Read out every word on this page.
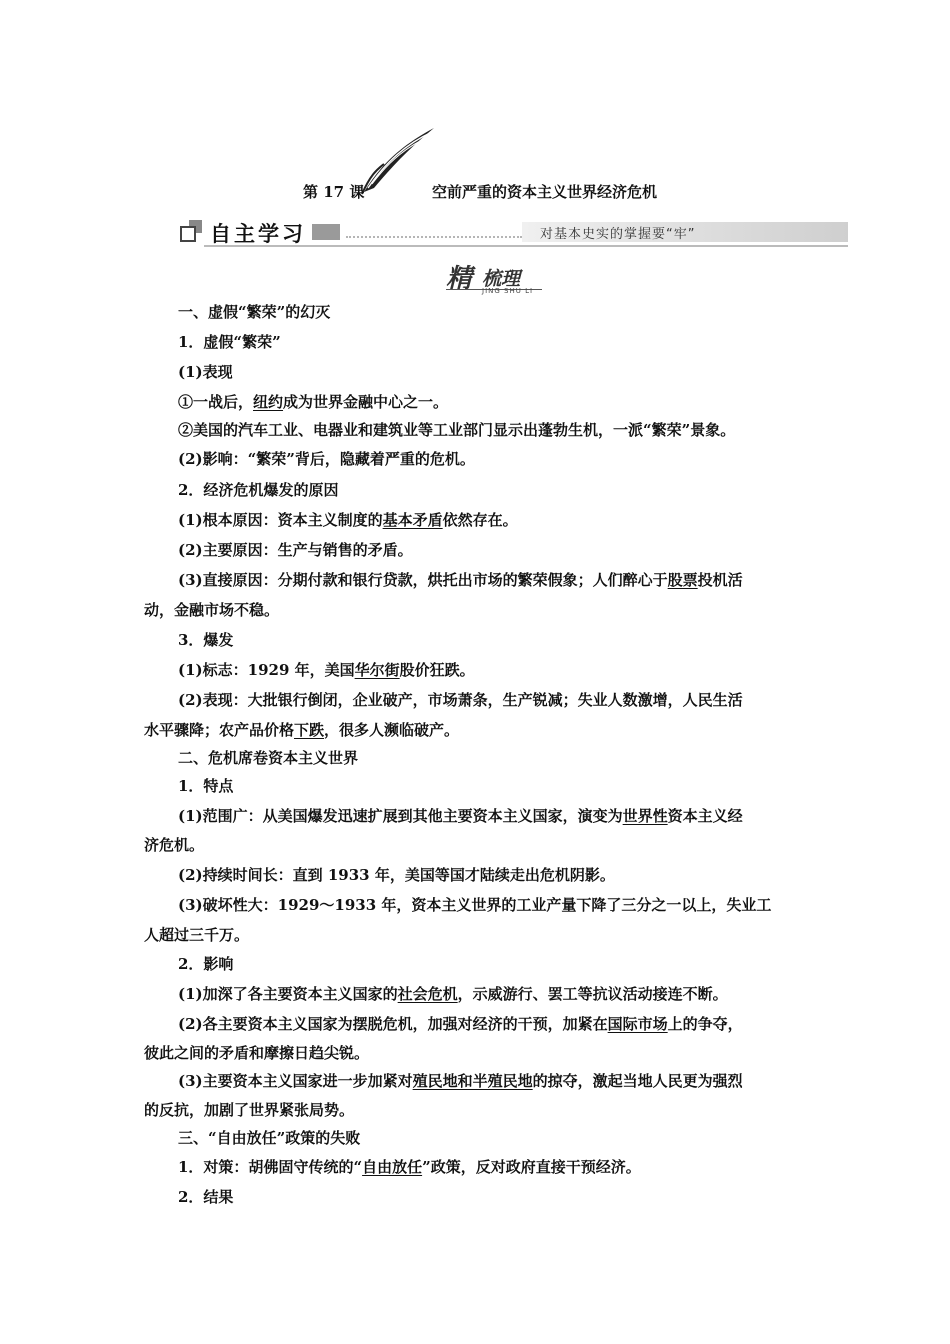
第 17 课	空前严重的资本主义世界经济危机
自主学习	对基本史实的掌握要“牢”
精 梳理
JING SHU LI
一、虚假“繁荣”的幻灭
1．虚假“繁荣”
(1)表现
①一战后，纽约成为世界金融中心之一。
②美国的汽车工业、电器业和建筑业等工业部门显示出蓬勃生机，一派“繁荣”景象。
(2)影响：“繁荣”背后，隐藏着严重的危机。
2．经济危机爆发的原因
(1)根本原因：资本主义制度的基本矛盾依然存在。
(2)主要原因：生产与销售的矛盾。
(3)直接原因：分期付款和银行贷款，烘托出市场的繁荣假象；人们醉心于股票投机活
动，金融市场不稳。
3．爆发
(1)标志：1929 年，美国华尔街股价狂跌。
(2)表现：大批银行倒闭，企业破产，市场萧条，生产锐减；失业人数激增，人民生活
水平骤降；农产品价格下跌，很多人濒临破产。
二、危机席卷资本主义世界
1．特点
(1)范围广：从美国爆发迅速扩展到其他主要资本主义国家，演变为世界性资本主义经
济危机。
(2)持续时间长：直到 1933 年，美国等国才陆续走出危机阴影。
(3)破坏性大：1929～1933 年，资本主义世界的工业产量下降了三分之一以上，失业工
人超过三千万。
2．影响
(1)加深了各主要资本主义国家的社会危机，示威游行、罢工等抗议活动接连不断。
(2)各主要资本主义国家为摆脱危机，加强对经济的干预，加紧在国际市场上的争夺，
彼此之间的矛盾和摩擦日趋尖锐。
(3)主要资本主义国家进一步加紧对殖民地和半殖民地的掠夺，激起当地人民更为强烈
的反抗，加剧了世界紧张局势。
三、“自由放任”政策的失败
1．对策：胡佛固守传统的“自由放任”政策，反对政府直接干预经济。
2．结果
